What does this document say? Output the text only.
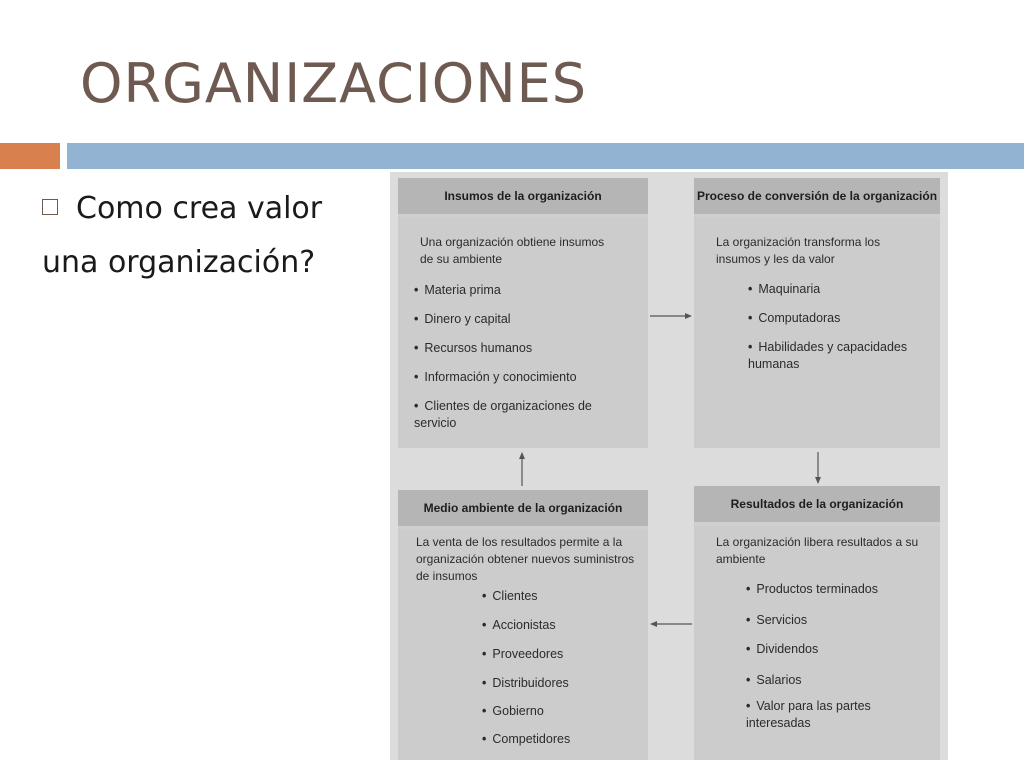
ORGANIZACIONES
Como crea valor
una organización?
Insumos de la organización
Una organización obtiene insumos de su ambiente
• Materia prima
• Dinero y capital
• Recursos humanos
• Información y conocimiento
• Clientes de organizaciones de servicio
Proceso de conversión de la organización
La organización transforma los insumos y les da valor
• Maquinaria
• Computadoras
• Habilidades y capacidades humanas
Medio ambiente de la organización
La venta de los resultados permite a la organización obtener nuevos suministros de insumos
• Clientes
• Accionistas
• Proveedores
• Distribuidores
• Gobierno
• Competidores
Resultados de la organización
La organización libera resultados a su ambiente
• Productos terminados
• Servicios
• Dividendos
• Salarios
• Valor para las partes interesadas
